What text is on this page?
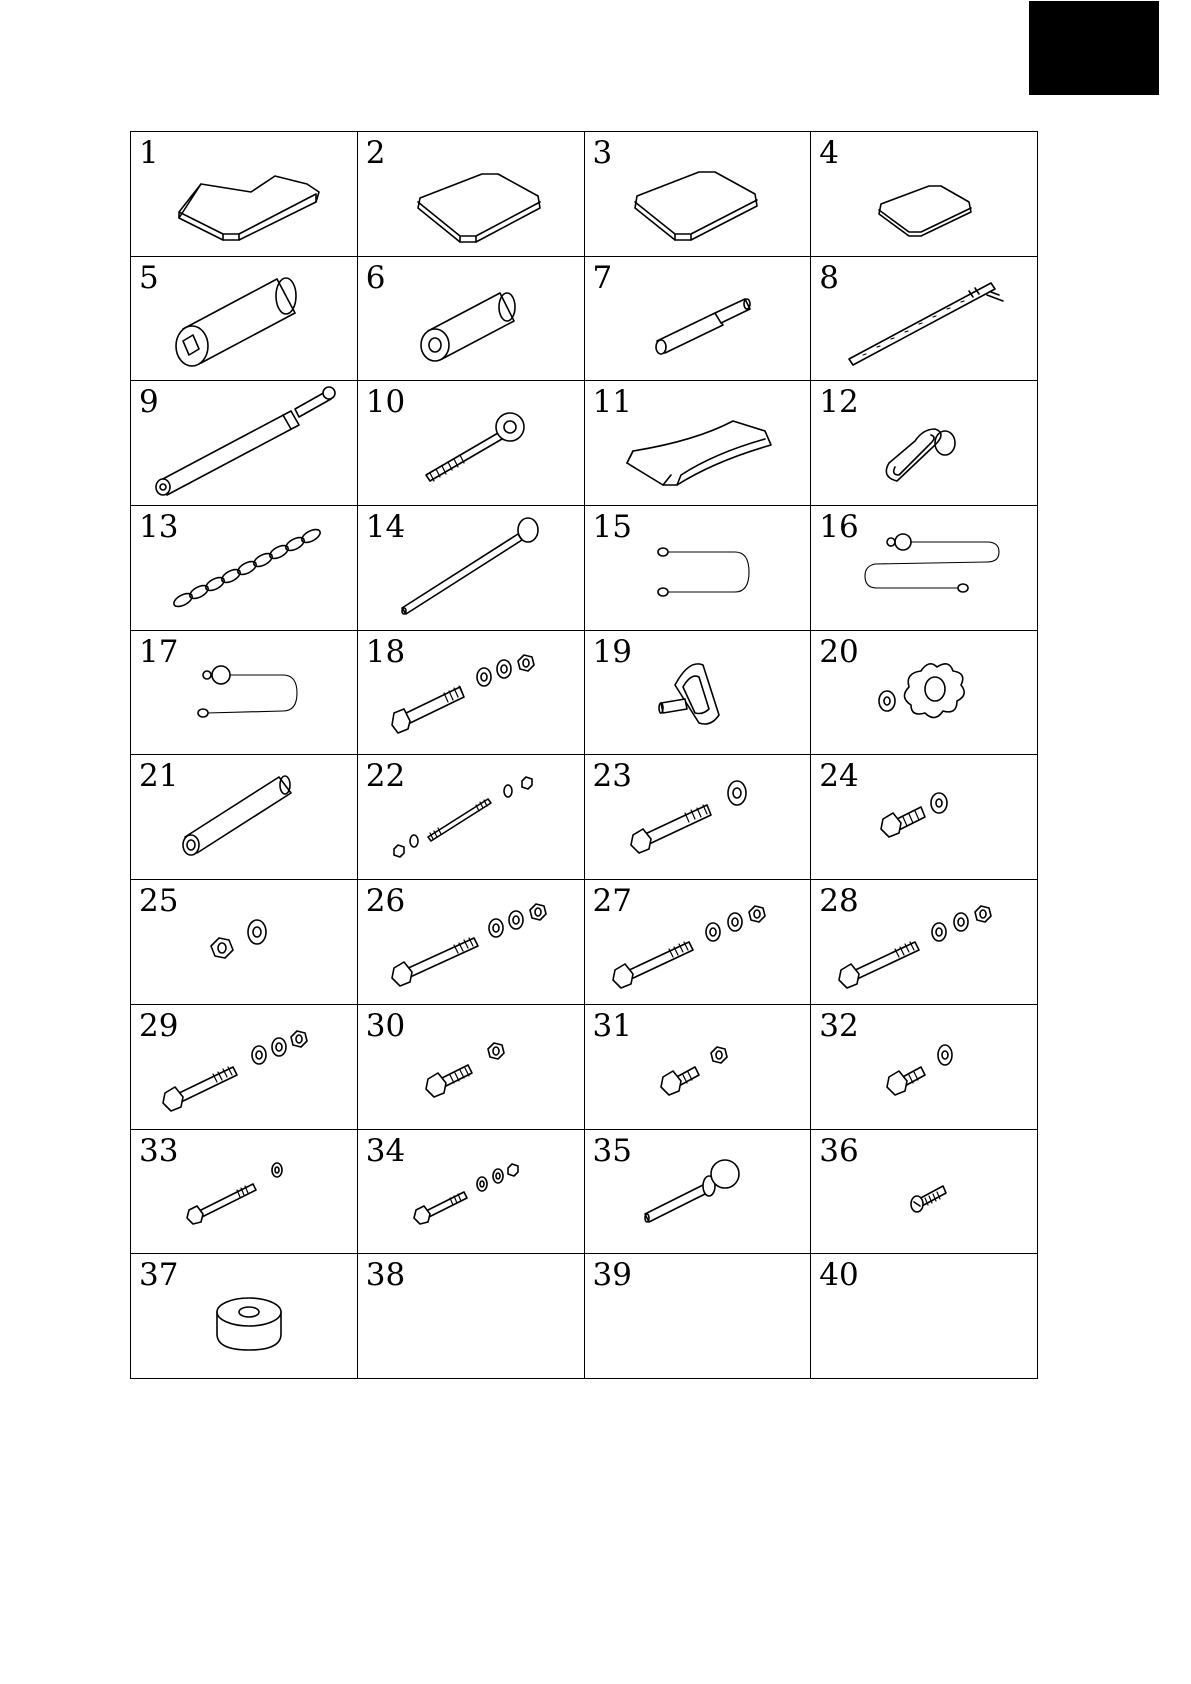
1	2	3	4

5	6	7	8

9	10	11	12

13	14	15	16

17	18	19	20

21	22	23	24

25	26	27	28

29	30	31	32

33	34	35	36

37	38	39	40
